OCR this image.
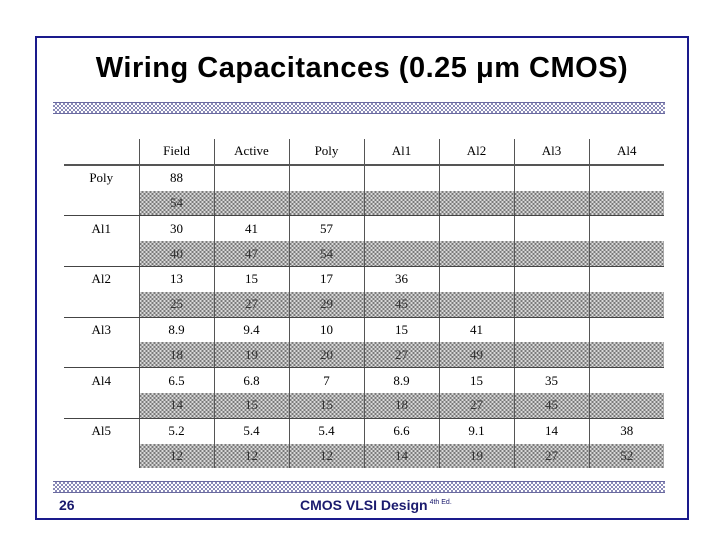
Wiring Capacitances (0.25 μm CMOS)
	Field	Active	Poly	Al1	Al2	Al3	Al4
Poly	88						
	54						
Al1	30	41	57				
	40	47	54				
Al2	13	15	17	36			
	25	27	29	45			
Al3	8.9	9.4	10	15	41		
	18	19	20	27	49		
Al4	6.5	6.8	7	8.9	15	35	
	14	15	15	18	27	45	
Al5	5.2	5.4	5.4	6.6	9.1	14	38
	12	12	12	14	19	27	52
26	CMOS VLSI Design $^{4th Ed.}$
